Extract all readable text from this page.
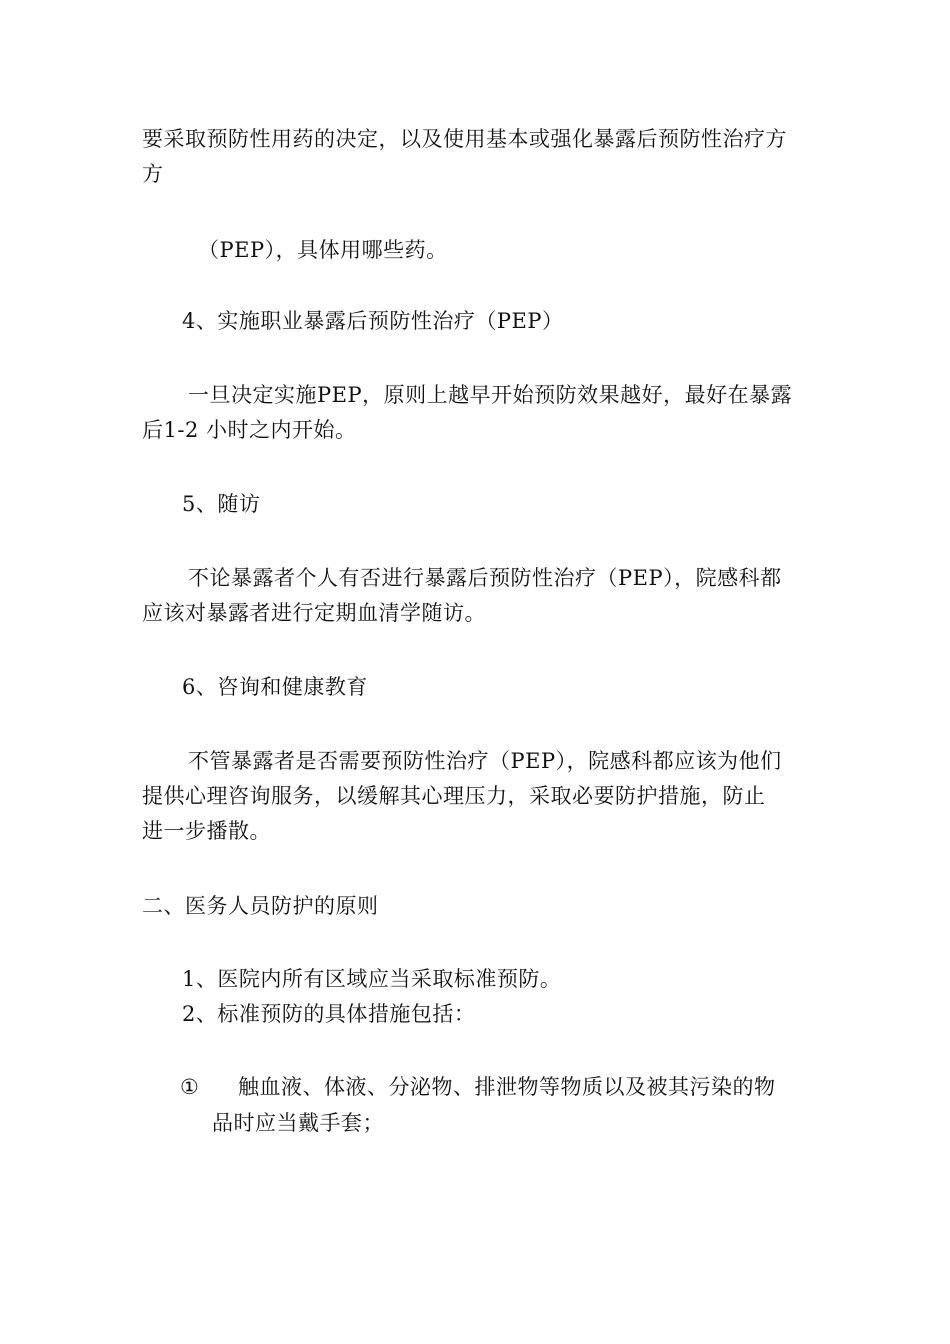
要采取预防性用药的决定，以及使用基本或强化暴露后预防性治疗方
方
（PEP），具体用哪些药。
4、实施职业暴露后预防性治疗（PEP）
一旦决定实施PEP，原则上越早开始预防效果越好，最好在暴露
后1-2 小时之内开始。
5、随访
不论暴露者个人有否进行暴露后预防性治疗（PEP），院感科都
应该对暴露者进行定期血清学随访。
6、咨询和健康教育
不管暴露者是否需要预防性治疗（PEP），院感科都应该为他们
提供心理咨询服务，以缓解其心理压力，采取必要防护措施，防止
进一步播散。
二、医务人员防护的原则
1、医院内所有区域应当采取标准预防。
2、标准预防的具体措施包括：
① 触血液、体液、分泌物、排泄物等物质以及被其污染的物
品时应当戴手套；
